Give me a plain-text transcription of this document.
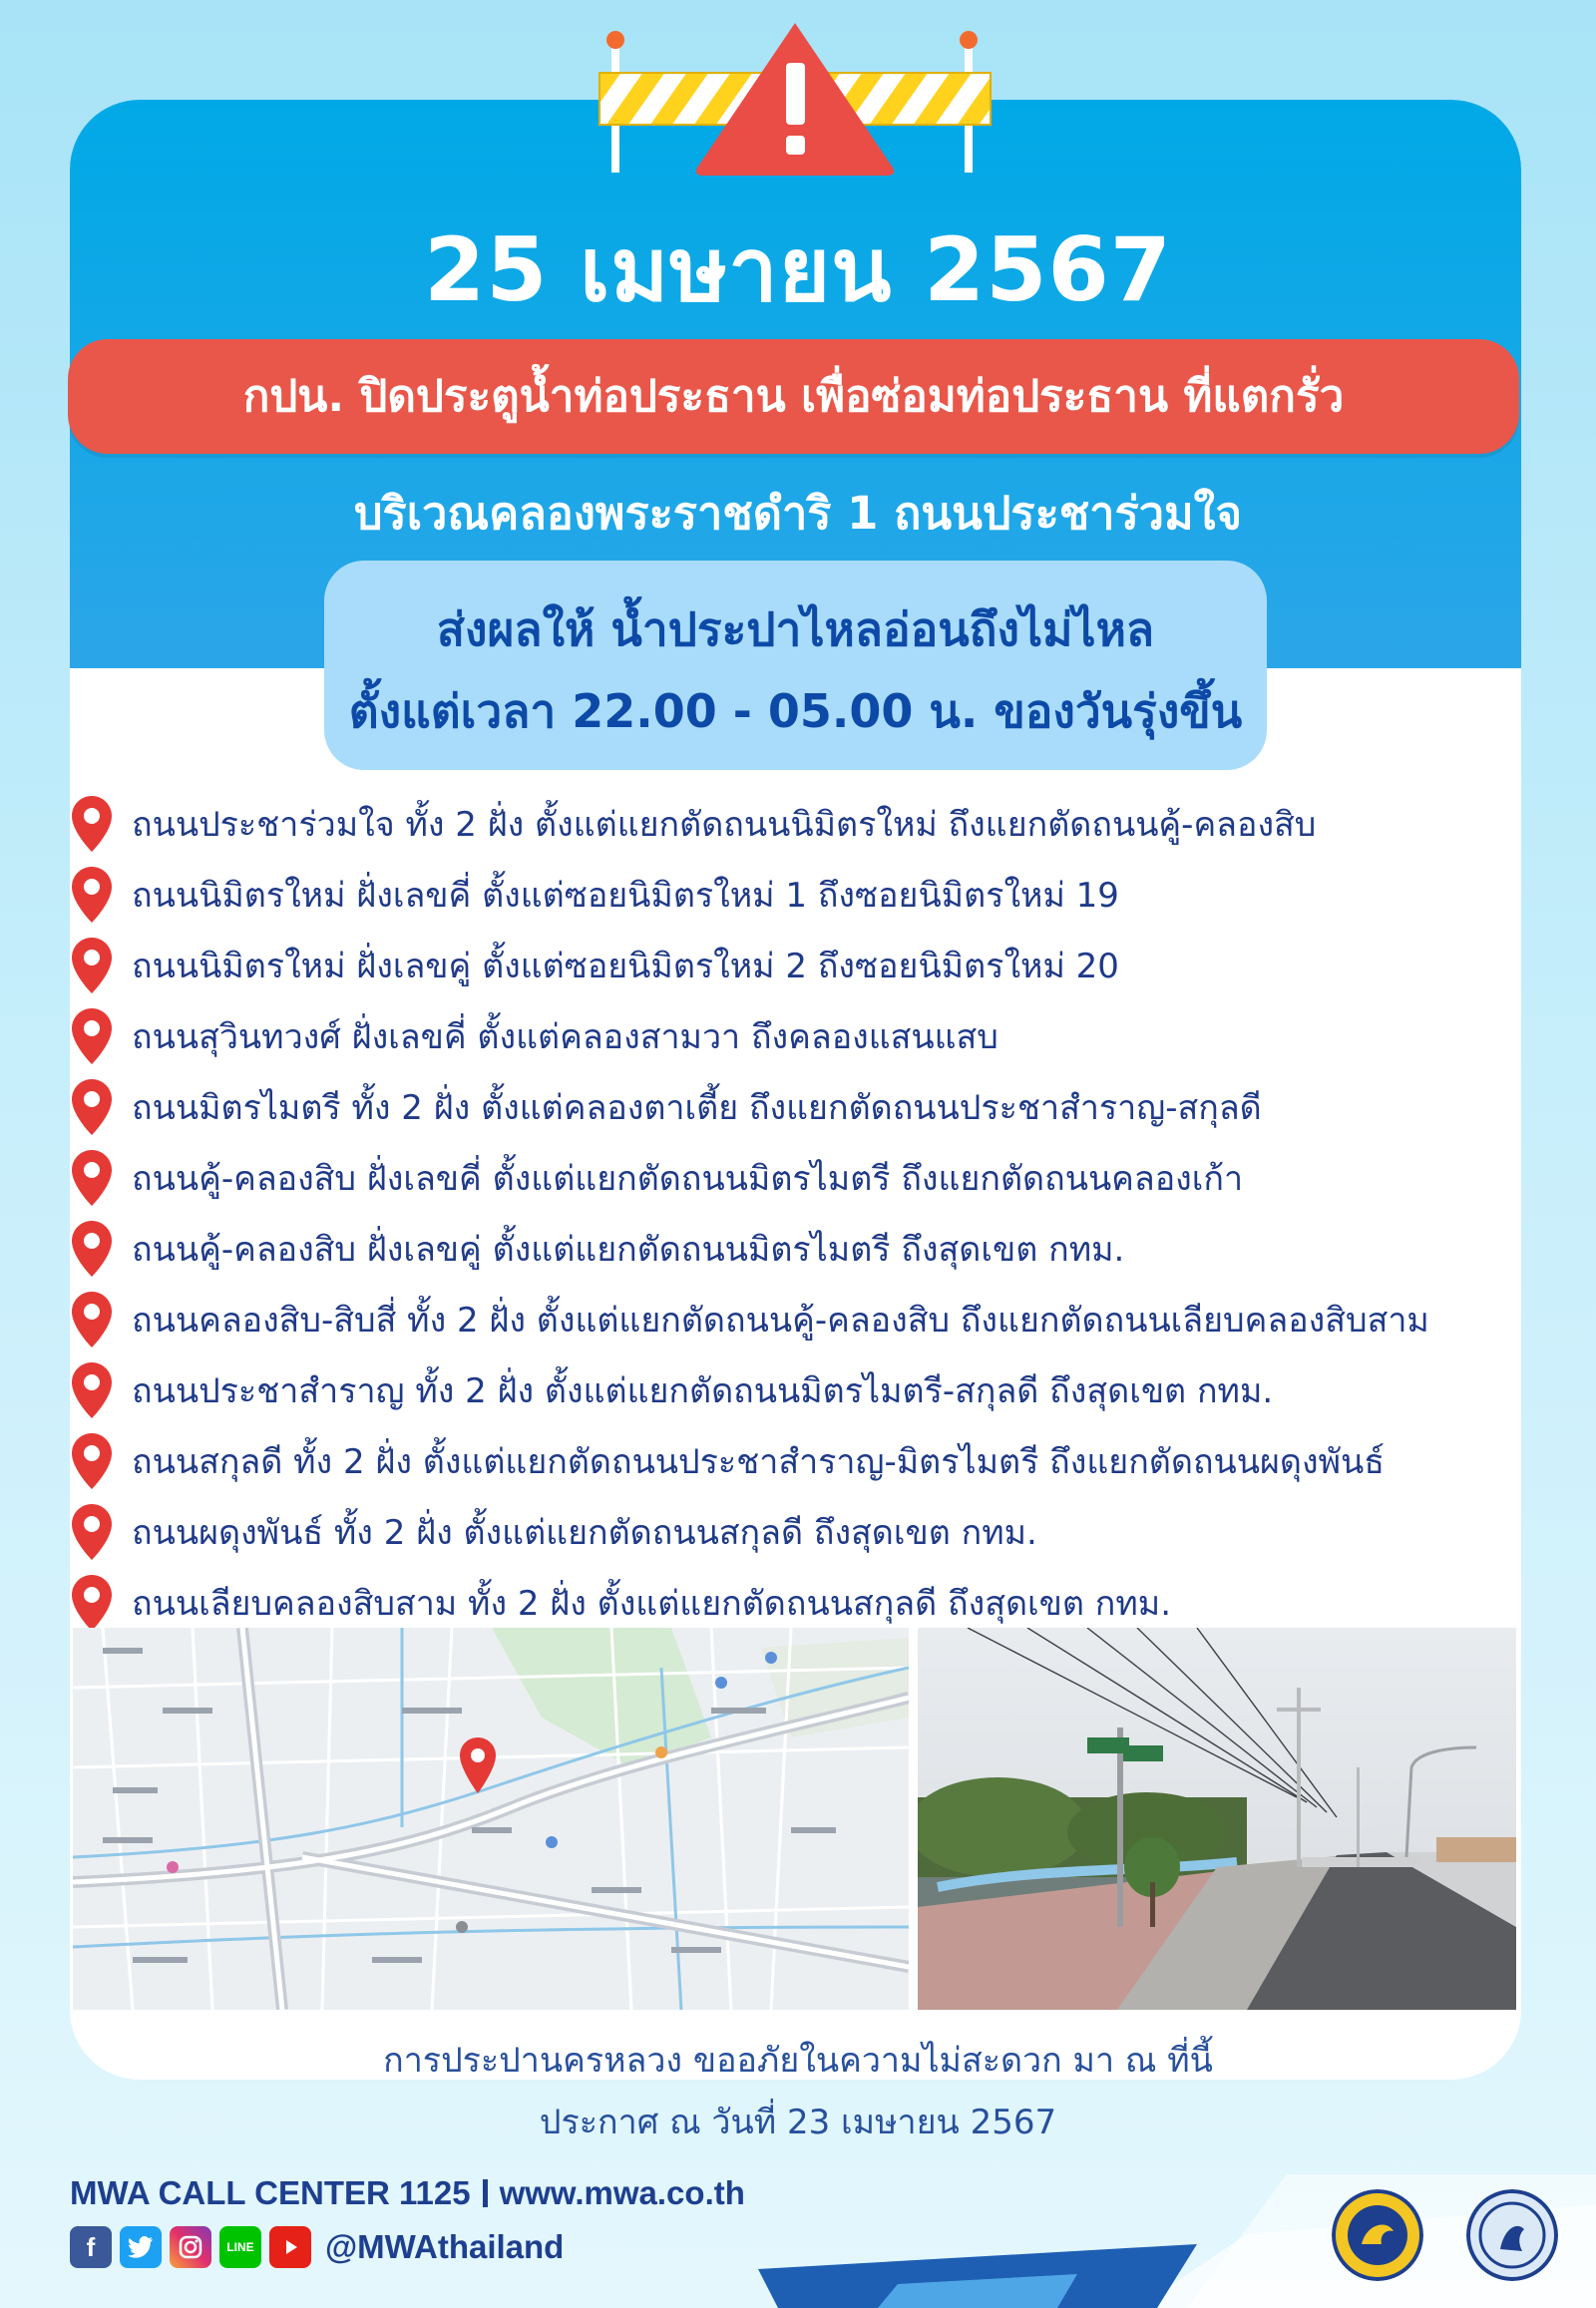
25 เมษายน 2567
กปน. ปิดประตูน้ำท่อประธาน เพื่อซ่อมท่อประธาน ที่แตกรั่ว
บริเวณคลองพระราชดำริ 1 ถนนประชาร่วมใจ
ส่งผลให้ น้ำประปาไหลอ่อนถึงไม่ไหล
ตั้งแต่เวลา 22.00 - 05.00 น. ของวันรุ่งขึ้น
ถนนประชาร่วมใจ ทั้ง 2 ฝั่ง ตั้งแต่แยกตัดถนนนิมิตรใหม่ ถึงแยกตัดถนนคู้-คลองสิบ
ถนนนิมิตรใหม่ ฝั่งเลขคี่ ตั้งแต่ซอยนิมิตรใหม่ 1 ถึงซอยนิมิตรใหม่ 19
ถนนนิมิตรใหม่ ฝั่งเลขคู่ ตั้งแต่ซอยนิมิตรใหม่ 2 ถึงซอยนิมิตรใหม่ 20
ถนนสุวินทวงศ์ ฝั่งเลขคี่ ตั้งแต่คลองสามวา ถึงคลองแสนแสบ
ถนนมิตรไมตรี ทั้ง 2 ฝั่ง ตั้งแต่คลองตาเตี้ย ถึงแยกตัดถนนประชาสำราญ-สกุลดี
ถนนคู้-คลองสิบ ฝั่งเลขคี่ ตั้งแต่แยกตัดถนนมิตรไมตรี ถึงแยกตัดถนนคลองเก้า
ถนนคู้-คลองสิบ ฝั่งเลขคู่ ตั้งแต่แยกตัดถนนมิตรไมตรี ถึงสุดเขต กทม.
ถนนคลองสิบ-สิบสี่ ทั้ง 2 ฝั่ง ตั้งแต่แยกตัดถนนคู้-คลองสิบ ถึงแยกตัดถนนเลียบคลองสิบสาม
ถนนประชาสำราญ ทั้ง 2 ฝั่ง ตั้งแต่แยกตัดถนนมิตรไมตรี-สกุลดี ถึงสุดเขต กทม.
ถนนสกุลดี ทั้ง 2 ฝั่ง ตั้งแต่แยกตัดถนนประชาสำราญ-มิตรไมตรี ถึงแยกตัดถนนผดุงพันธ์
ถนนผดุงพันธ์ ทั้ง 2 ฝั่ง ตั้งแต่แยกตัดถนนสกุลดี ถึงสุดเขต กทม.
ถนนเลียบคลองสิบสาม ทั้ง 2 ฝั่ง ตั้งแต่แยกตัดถนนสกุลดี ถึงสุดเขต กทม.
การประปานครหลวง ขออภัยในความไม่สะดวก มา ณ ที่นี้
ประกาศ ณ วันที่ 23 เมษายน 2567
MWA CALL CENTER 1125 www.mwa.co.th
f	LINE @MWAthailand
